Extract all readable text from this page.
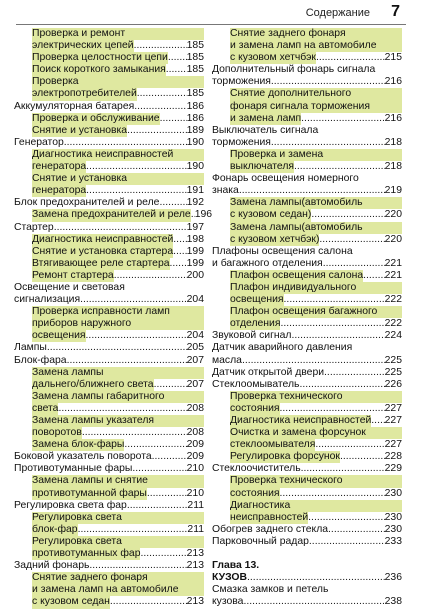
Содержание 7
Проверка и ремонт
электрических цепей .....	185
Проверка целостности цепи ..... 185
Поиск короткого замыкания ..... 185
Проверка
электропотребителей .....	185
Аккумуляторная батарея .....	186
Проверка и обслуживание .....	186
Снятие и установка .....	189
Генератор .....	190
Диагностика неисправностей
генератора .....	190
Снятие и установка
генератора .....	191
Блок предохранителей и реле .....	192
Замена предохранителей и реле ..... 196
Стартер .....	197
Диагностика неисправностей ..... 198
Снятие и установка стартера ..... 199
Втягивающее реле стартера ..... 199
Ремонт стартера .....	200
Освещение и световая
сигнализация .....	204
Проверка исправности ламп
приборов наружного
освещения .....	204
Лампы .....	205
Блок-фара .....	207
Замена лампы
дальнего/ближнего света .....	207
Замена лампы габаритного
света .....	208
Замена лампы указателя
поворотов .....	208
Замена блок-фары .....	209
Боковой указатель поворота .....	209
Противотуманные фары .....	210
Замена лампы и снятие
противотуманной фары .....	210
Регулировка света фар .....	211
Регулировка света
блок-фар .....	211
Регулировка света
противотуманных фар .....	213
Задний фонарь .....	213
Снятие заднего фонаря
и замена ламп на автомобиле
с кузовом седан .....	213
Снятие заднего фонаря
и замена ламп на автомобиле
с кузовом хетчбэк .....	215
Дополнительный фонарь сигнала
торможения .....	216
Снятие дополнительного
фонаря сигнала торможения
и замена ламп .....	216
Выключатель сигнала
торможения .....	218
Проверка и замена
выключателя .....	218
Фонарь освещения номерного
знака .....	219
Замена лампы(автомобиль
с кузовом седан) .....	220
Замена лампы(автомобиль
с кузовом хетчбэк) .....	220
Плафоны освещения салона
и багажного отделения .....	221
Плафон освещения салона ..... 221
Плафон индивидуального
освещения .....	222
Плафон освещения багажного
отделения .....	222
Звуковой сигнал .....	224
Датчик аварийного давления
масла .....	225
Датчик открытой двери .....	225
Стеклоомыватель .....	226
Проверка технического
состояния .....	227
Диагностика неисправностей ..... 227
Очистка и замена форсунок
стеклоомывателя .....	227
Регулировка форсунок .....	228
Стеклоочиститель .....	229
Проверка технического
состояния .....	230
Диагностика
неисправностей .....	230
Обогрев заднего стекла .....	230
Парковочный радар .....	233
Глава 13.
КУЗОВ .....	236
Смазка замков и петель
кузова .....	238
